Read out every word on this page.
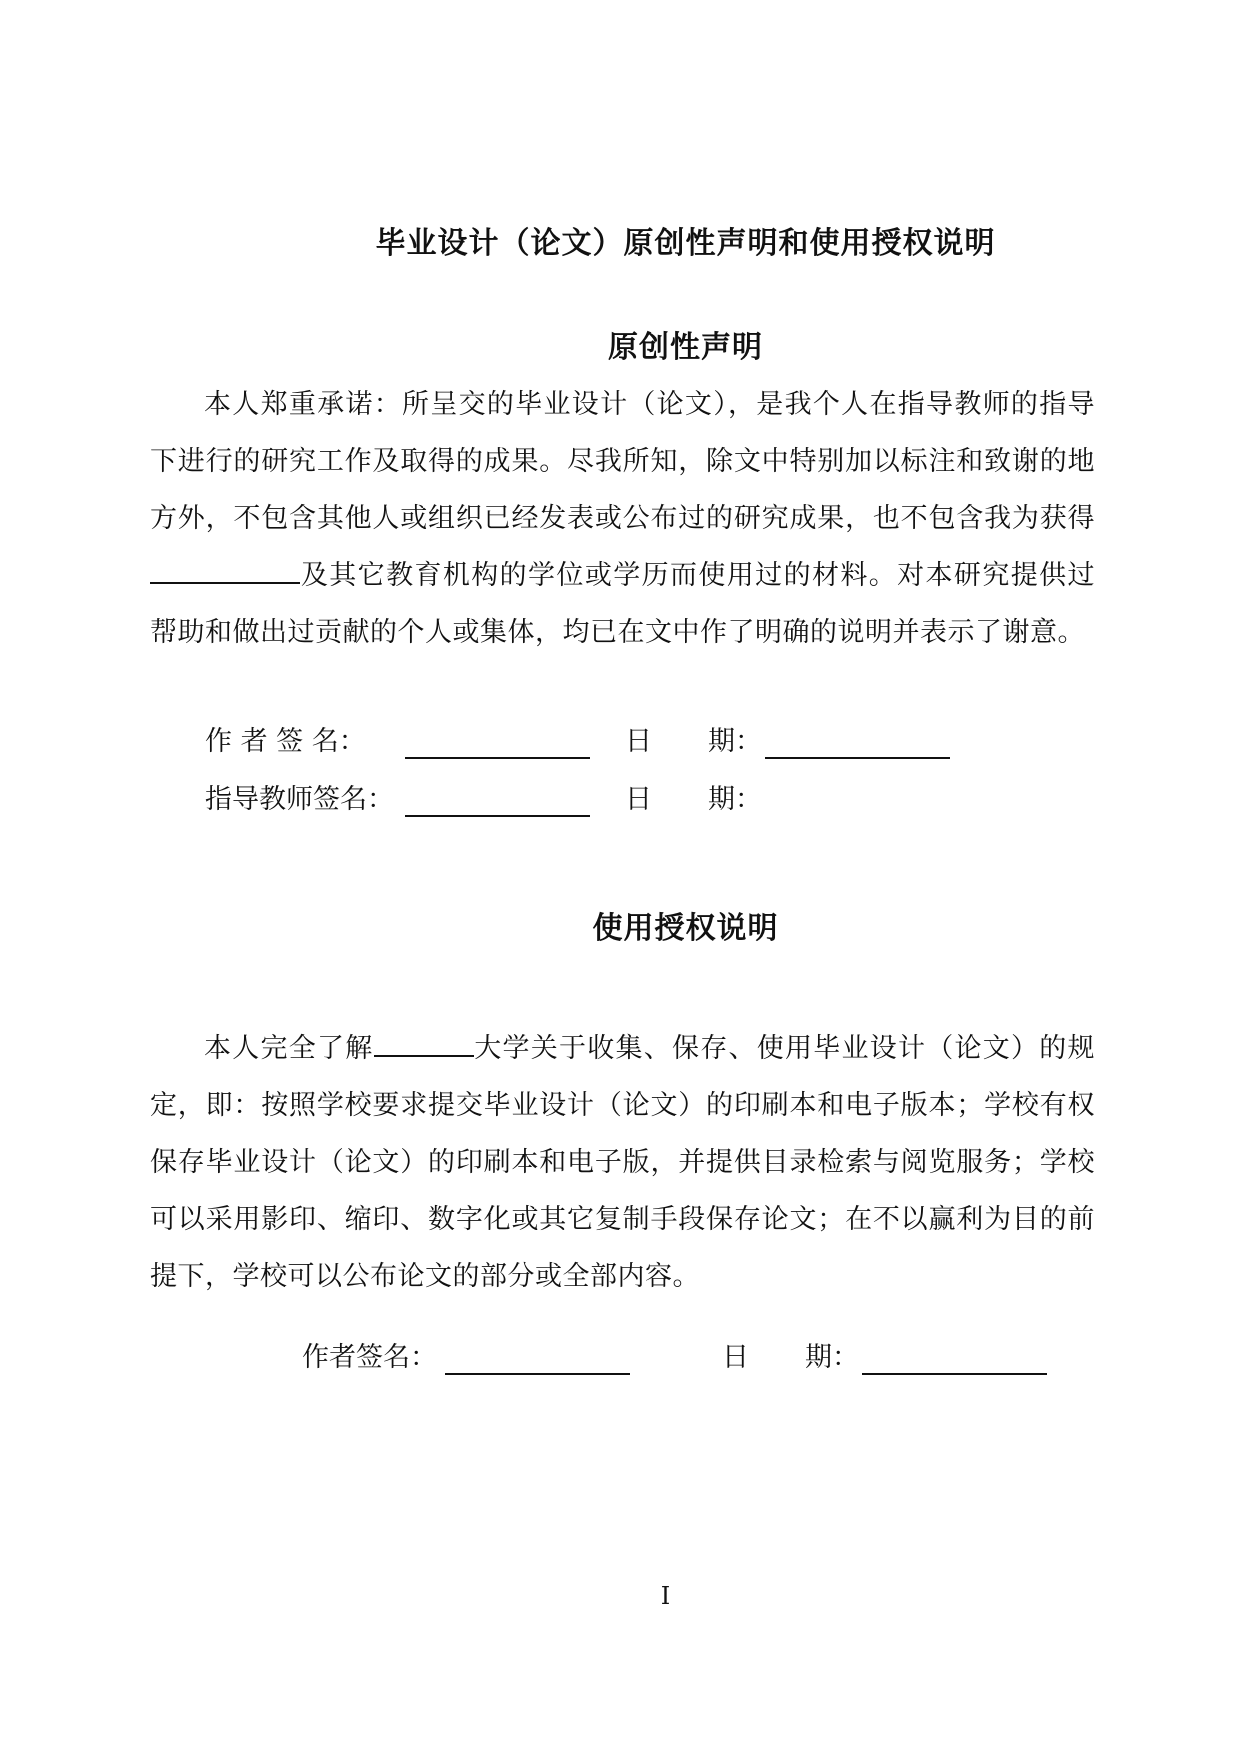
毕业设计（论文）原创性声明和使用授权说明
原创性声明
本人郑重承诺：所呈交的毕业设计（论文），是我个人在指导教师的指导下进行的研究工作及取得的成果。尽我所知，除文中特别加以标注和致谢的地方外，不包含其他人或组织已经发表或公布过的研究成果，也不包含我为获得及其它教育机构的学位或学历而使用过的材料。对本研究提供过帮助和做出过贡献的个人或集体，均已在文中作了明确的说明并表示了谢意。
作 者 签 名：	日 期：
指导教师签名：	日 期：
使用授权说明
本人完全了解	大学关于收集、保存、使用毕业设计（论文）的规定，即：按照学校要求提交毕业设计（论文）的印刷本和电子版本；学校有权保存毕业设计（论文）的印刷本和电子版，并提供目录检索与阅览服务；学校可以采用影印、缩印、数字化或其它复制手段保存论文；在不以赢利为目的前提下，学校可以公布论文的部分或全部内容。
作者签名：	日 期：
I
